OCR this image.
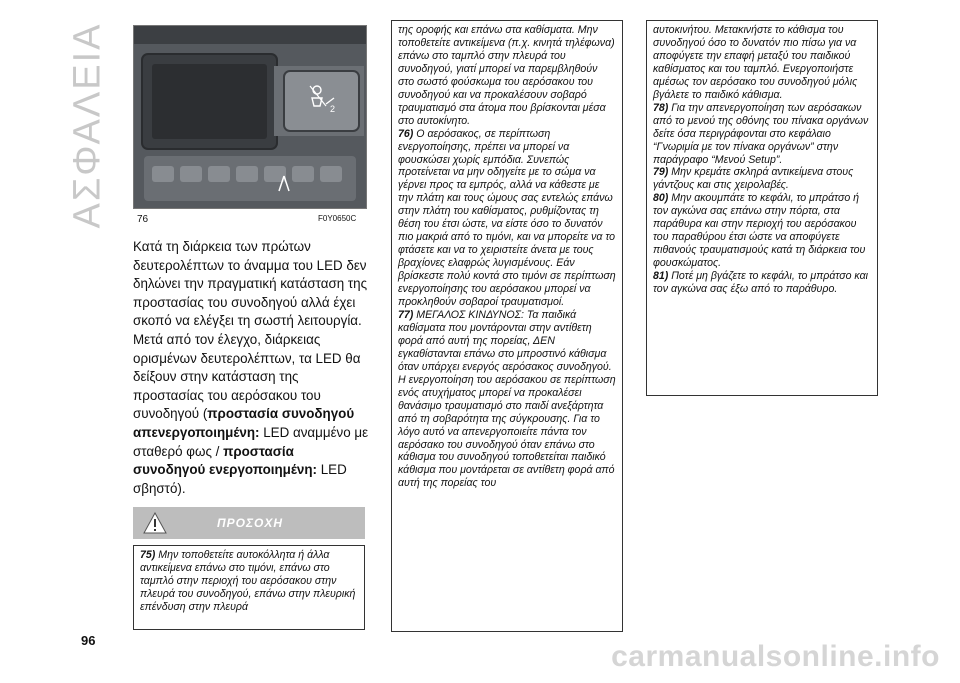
ΑΣΦΑΛΕΙΑ	2
76	F0Y0650C

Κατά τη διάρκεια των πρώτων δευτερολέπτων το άναμμα του LED δεν δηλώνει την πραγματική κατάσταση της προστασίας του συνοδηγού αλλά έχει σκοπό να ελέγξει τη σωστή λειτουργία. Μετά από τον έλεγχο, διάρκειας ορισμένων δευτερολέπτων, τα LED θα δείξουν στην κατάσταση της προστασίας του αερόσακου του συνοδηγού (προστασία συνοδηγού απενεργοποιημένη: LED αναμμένο με σταθερό φως / προστασία συνοδηγού ενεργοποιημένη: LED σβηστό).

ΠΡΟΣΟΧΗ

75) Μην τοποθετείτε αυτοκόλλητα ή άλλα αντικείμενα επάνω στο τιμόνι, επάνω στο ταμπλό στην περιοχή του αερόσακου στην πλευρά του συνοδηγού, επάνω στην πλευρική επένδυση στην πλευρά

της οροφής και επάνω στα καθίσματα. Μην τοποθετείτε αντικείμενα (π.χ. κινητά τηλέφωνα) επάνω στο ταμπλό στην πλευρά του συνοδηγού, γιατί μπορεί να παρεμβληθούν στο σωστό φούσκωμα του αερόσακου του συνοδηγού και να προκαλέσουν σοβαρό τραυματισμό στα άτομα που βρίσκονται μέσα στο αυτοκίνητο.

76) Ο αερόσακος, σε περίπτωση ενεργοποίησης, πρέπει να μπορεί να φουσκώσει χωρίς εμπόδια. Συνεπώς προτείνεται να μην οδηγείτε με το σώμα να γέρνει προς τα εμπρός, αλλά να κάθεστε με την πλάτη και τους ώμους σας εντελώς επάνω στην πλάτη του καθίσματος, ρυθμίζοντας τη θέση του έτσι ώστε, να είστε όσο το δυνατόν πιο μακριά από το τιμόνι, και να μπορείτε να το φτάσετε και να το χειριστείτε άνετα με τους βραχίονες ελαφρώς λυγισμένους. Εάν βρίσκεστε πολύ κοντά στο τιμόνι σε περίπτωση ενεργοποίησης του αερόσακου μπορεί να προκληθούν σοβαροί τραυματισμοί.

77) ΜΕΓΑΛΟΣ ΚΙΝΔΥΝΟΣ: Τα παιδικά καθίσματα που μοντάρονται στην αντίθετη φορά από αυτή της πορείας, ΔΕΝ εγκαθίστανται επάνω στο μπροστινό κάθισμα όταν υπάρχει ενεργός αερόσακος συνοδηγού. Η ενεργοποίηση του αερόσακου σε περίπτωση ενός ατυχήματος μπορεί να προκαλέσει θανάσιμο τραυματισμό στο παιδί ανεξάρτητα από τη σοβαρότητα της σύγκρουσης. Για το λόγο αυτό να απενεργοποιείτε πάντα τον αερόσακο του συνοδηγού όταν επάνω στο κάθισμα του συνοδηγού τοποθετείται παιδικό κάθισμα που μοντάρεται σε αντίθετη φορά από αυτή της πορείας του

αυτοκινήτου. Μετακινήστε το κάθισμα του συνοδηγού όσο το δυνατόν πιο πίσω για να αποφύγετε την επαφή μεταξύ του παιδικού καθίσματος και του ταμπλό. Ενεργοποιήστε αμέσως τον αερόσακο του συνοδηγού μόλις βγάλετε το παιδικό κάθισμα.

78) Για την απενεργοποίηση των αερόσακων από το μενού της οθόνης του πίνακα οργάνων δείτε όσα περιγράφονται στο κεφάλαιο “Γνωριμία με τον πίνακα οργάνων” στην παράγραφο “Μενού Setup”.

79) Μην κρεμάτε σκληρά αντικείμενα στους γάντζους και στις χειρολαβές.

80) Μην ακουμπάτε το κεφάλι, το μπράτσο ή τον αγκώνα σας επάνω στην πόρτα, στα παράθυρα και στην περιοχή του αερόσακου του παραθύρου έτσι ώστε να αποφύγετε πιθανούς τραυματισμούς κατά τη διάρκεια του φουσκώματος.

81) Ποτέ μη βγάζετε το κεφάλι, το μπράτσο και τον αγκώνα σας έξω από το παράθυρο.

96	carmanualsonline.info
